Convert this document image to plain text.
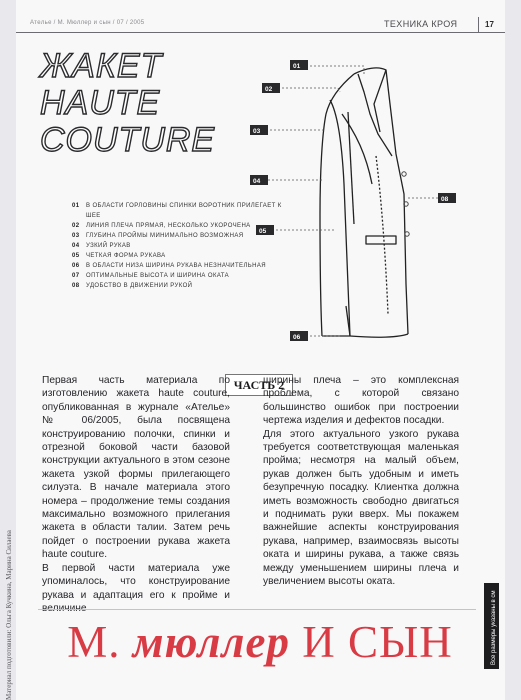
Атeлье / М. Мюллер и сын / 07 / 2005	ТЕХНИКА КРОЯ	17
ЖАКЕТ
HAUTE
COUTURE
01	В ОБЛАСТИ ГОРЛОВИНЫ СПИНКИ ВОРОТНИК ПРИЛЕГАЕТ К ШЕЕ
02	ЛИНИЯ ПЛЕЧА ПРЯМАЯ, НЕСКОЛЬКО УКОРОЧЕНА
03	ГЛУБИНА ПРОЙМЫ МИНИМАЛЬНО ВОЗМОЖНАЯ
04	УЗКИЙ РУКАВ
05	ЧЕТКАЯ ФОРМА РУКАВА
06	В ОБЛАСТИ НИЗА ШИРИНА РУКАВА НЕЗНАЧИТЕЛЬНАЯ
07	ОПТИМАЛЬНЫЕ ВЫСОТА И ШИРИНА ОКАТА
08	УДОБСТВО В ДВИЖЕНИИ РУКОЙ
01
02
03
04
05
06
08
ЧАСТЬ 2

Первая часть материала по изготовлению жакета haute couture, опубликованная в журнале «Ателье» № 06/2005, была посвящена конструированию полочки, спинки и отрезной боковой части базовой конструкции актуального в этом сезоне жакета узкой формы прилегающего силуэта. В начале материала этого номера – продолжение темы создания максимально возможного прилегания жакета в области талии. Затем речь пойдет о построении рукава жакета haute couture.

В первой части материала уже упоминалось, что конструирование рукава и адаптация его к пройме и величине

ширины плеча – это комплексная проблема, с которой связано большинство ошибок при построении чертежа изделия и дефектов посадки.

Для этого актуального узкого рукава требуется соответствующая маленькая пройма; несмотря на малый объем, рукав должен быть удобным и иметь безупречную посадку. Клиентка должна иметь возможность свободно двигаться и поднимать руки вверх. Мы покажем важнейшие аспекты конструирования рукава, например, взаимосвязь высоты оката и ширины рукава, а также связь между уменьшением ширины плеча и увеличением высоты оката.

М. мюллер И СЫН
Материал подготовили: Ольга Кучкина, Марина Силаева	Все размеры указаны в см
